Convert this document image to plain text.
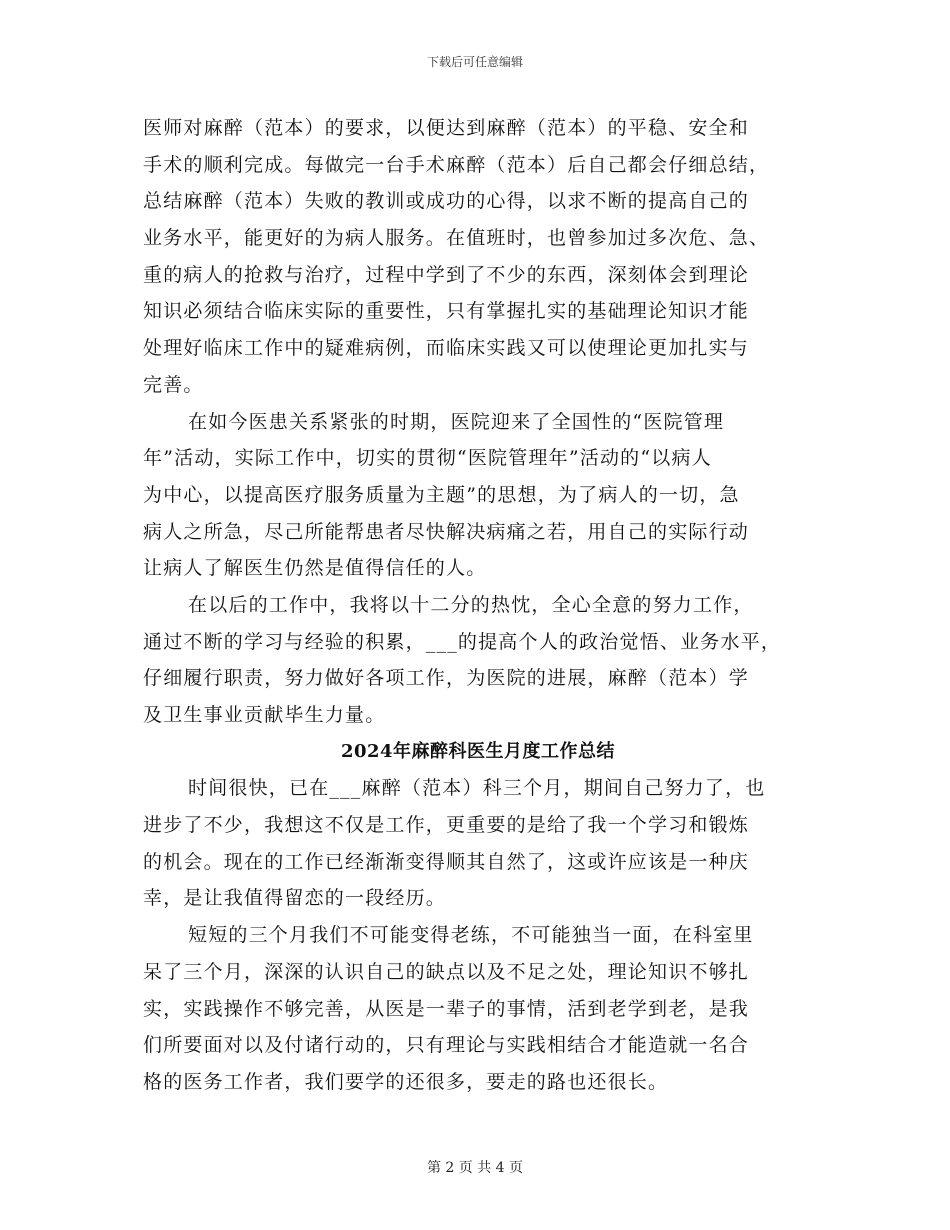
下载后可任意编辑
医师对麻醉（范本）的要求，以便达到麻醉（范本）的平稳、安全和
手术的顺利完成。每做完一台手术麻醉（范本）后自己都会仔细总结，
总结麻醉（范本）失败的教训或成功的心得，以求不断的提高自己的
业务水平，能更好的为病人服务。在值班时，也曾参加过多次危、急、
重的病人的抢救与治疗，过程中学到了不少的东西，深刻体会到理论
知识必须结合临床实际的重要性，只有掌握扎实的基础理论知识才能
处理好临床工作中的疑难病例，而临床实践又可以使理论更加扎实与
完善。
在如今医患关系紧张的时期，医院迎来了全国性的“医院管理
年”活动，实际工作中，切实的贯彻“医院管理年”活动的“以病人
为中心，以提高医疗服务质量为主题”的思想，为了病人的一切，急
病人之所急，尽己所能帮患者尽快解决病痛之若，用自己的实际行动
让病人了解医生仍然是值得信任的人。
在以后的工作中，我将以十二分的热忱，全心全意的努力工作，
通过不断的学习与经验的积累，___的提高个人的政治觉悟、业务水平，
仔细履行职责，努力做好各项工作，为医院的进展，麻醉（范本）学
及卫生事业贡献毕生力量。
2024年麻醉科医生月度工作总结
时间很快，已在___麻醉（范本）科三个月，期间自己努力了，也
进步了不少，我想这不仅是工作，更重要的是给了我一个学习和锻炼
的机会。现在的工作已经渐渐变得顺其自然了，这或许应该是一种庆
幸，是让我值得留恋的一段经历。
短短的三个月我们不可能变得老练，不可能独当一面，在科室里
呆了三个月，深深的认识自己的缺点以及不足之处，理论知识不够扎
实，实践操作不够完善，从医是一辈子的事情，活到老学到老，是我
们所要面对以及付诸行动的，只有理论与实践相结合才能造就一名合
格的医务工作者，我们要学的还很多，要走的路也还很长。
第 2 页 共 4 页
